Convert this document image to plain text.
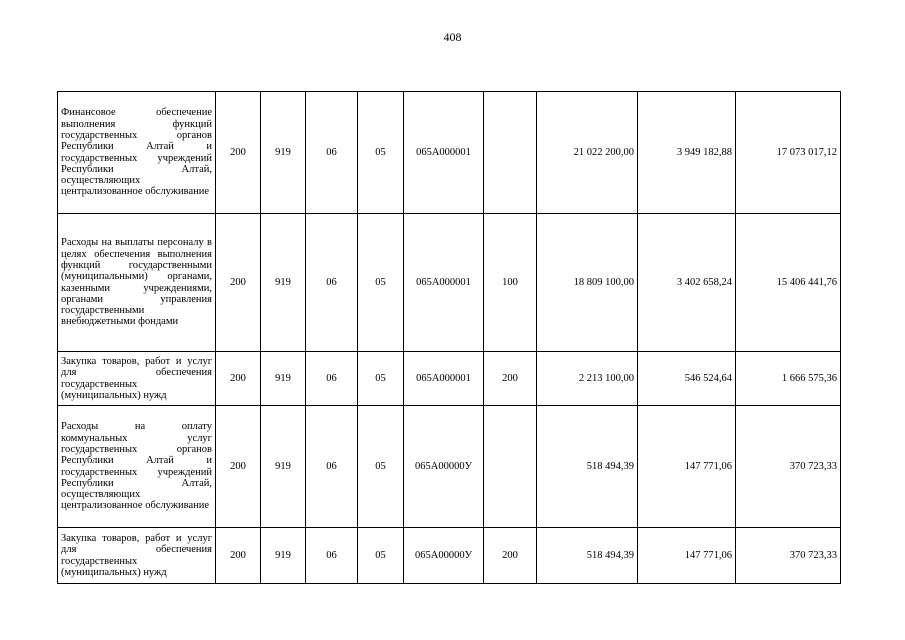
408
Финансовое обеспечение выполнения функций государственных органов Республики Алтай и государственных учреждений Республики Алтай, осуществляющих централизованное обслуживание	200	919	06	05	065А000001		21 022 200,00	3 949 182,88	17 073 017,12
Расходы на выплаты персоналу в целях обеспечения выполнения функций государственными (муниципальными) органами, казенными учреждениями, органами управления государственными внебюджетными фондами	200	919	06	05	065А000001	100	18 809 100,00	3 402 658,24	15 406 441,76
Закупка товаров, работ и услуг для обеспечения государственных (муниципальных) нужд	200	919	06	05	065А000001	200	2 213 100,00	546 524,64	1 666 575,36
Расходы на оплату коммунальных услуг государственных органов Республики Алтай и государственных учреждений Республики Алтай, осуществляющих централизованное обслуживание	200	919	06	05	065А00000У		518 494,39	147 771,06	370 723,33
Закупка товаров, работ и услуг для обеспечения государственных (муниципальных) нужд	200	919	06	05	065А00000У	200	518 494,39	147 771,06	370 723,33
